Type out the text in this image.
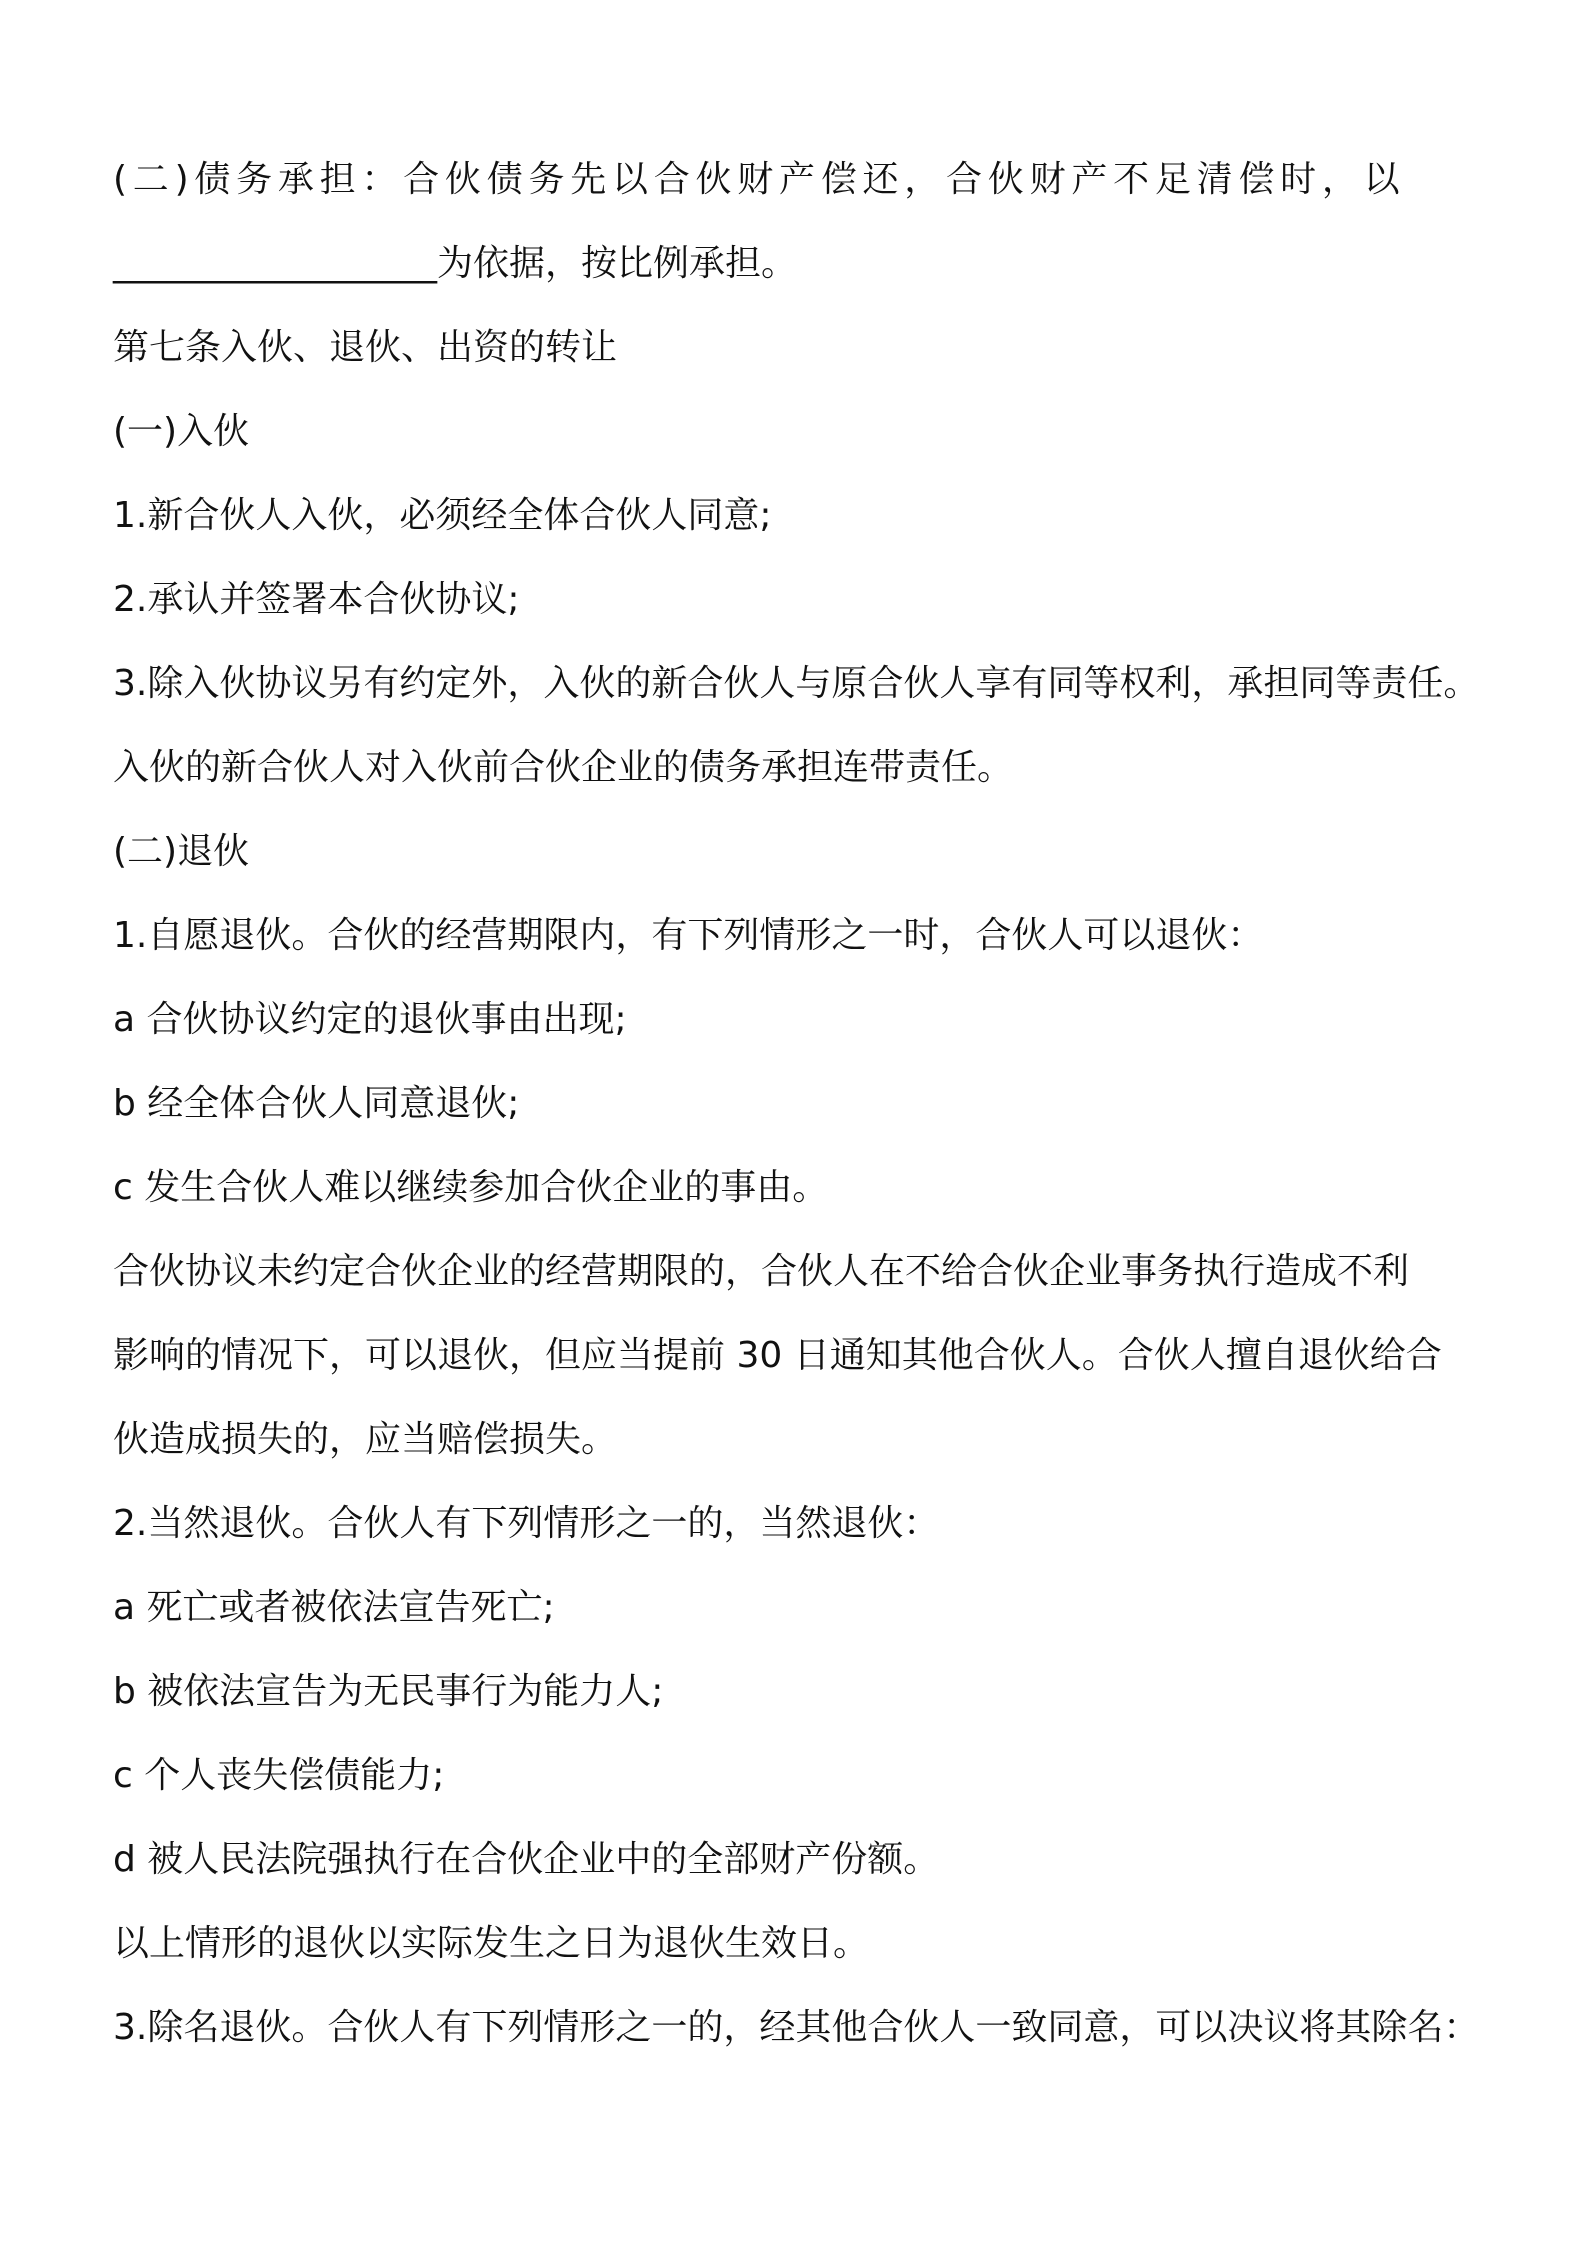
(二)债务承担：合伙债务先以合伙财产偿还，合伙财产不足清偿时，以
__________________为依据，按比例承担。
第七条入伙、退伙、出资的转让
(一)入伙
1.新合伙人入伙，必须经全体合伙人同意;
2.承认并签署本合伙协议;
3.除入伙协议另有约定外，入伙的新合伙人与原合伙人享有同等权利，承担同等责任。
入伙的新合伙人对入伙前合伙企业的债务承担连带责任。
(二)退伙
1.自愿退伙。合伙的经营期限内，有下列情形之一时，合伙人可以退伙：
a 合伙协议约定的退伙事由出现;
b 经全体合伙人同意退伙;
c 发生合伙人难以继续参加合伙企业的事由。
合伙协议未约定合伙企业的经营期限的，合伙人在不给合伙企业事务执行造成不利
影响的情况下，可以退伙，但应当提前 30 日通知其他合伙人。合伙人擅自退伙给合
伙造成损失的，应当赔偿损失。
2.当然退伙。合伙人有下列情形之一的，当然退伙：
a 死亡或者被依法宣告死亡;
b 被依法宣告为无民事行为能力人;
c 个人丧失偿债能力;
d 被人民法院强执行在合伙企业中的全部财产份额。
以上情形的退伙以实际发生之日为退伙生效日。
3.除名退伙。合伙人有下列情形之一的，经其他合伙人一致同意，可以决议将其除名：
